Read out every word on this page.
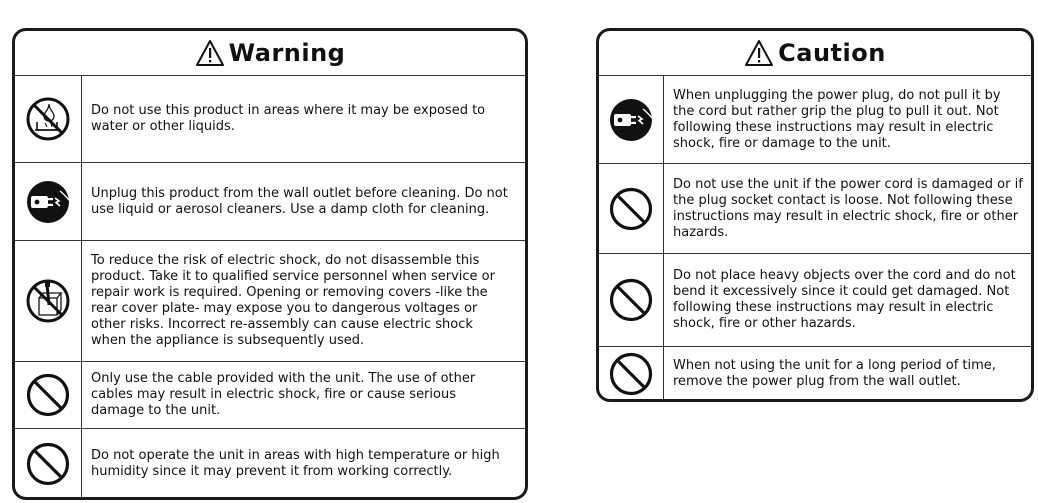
Warning
Do not use this product in areas where it may be exposed to water or other liquids.
Unplug this product from the wall outlet before cleaning. Do not use liquid or aerosol cleaners. Use a damp cloth for cleaning.
To reduce the risk of electric shock, do not disassemble this product. Take it to qualified service personnel when service or repair work is required. Opening or removing covers -like the rear cover plate- may expose you to dangerous voltages or other risks. Incorrect re-assembly can cause electric shock when the appliance is subsequently used.
Only use the cable provided with the unit. The use of other cables may result in electric shock, fire or cause serious damage to the unit.
Do not operate the unit in areas with high temperature or high humidity since it may prevent it from working correctly.
Caution
When unplugging the power plug, do not pull it by the cord but rather grip the plug to pull it out. Not following these instructions may result in electric shock, fire or damage to the unit.
Do not use the unit if the power cord is damaged or if the plug socket contact is loose. Not following these instructions may result in electric shock, fire or other hazards.
Do not place heavy objects over the cord and do not bend it excessively since it could get damaged. Not following these instructions may result in electric shock, fire or other hazards.
When not using the unit for a long period of time, remove the power plug from the wall outlet.
